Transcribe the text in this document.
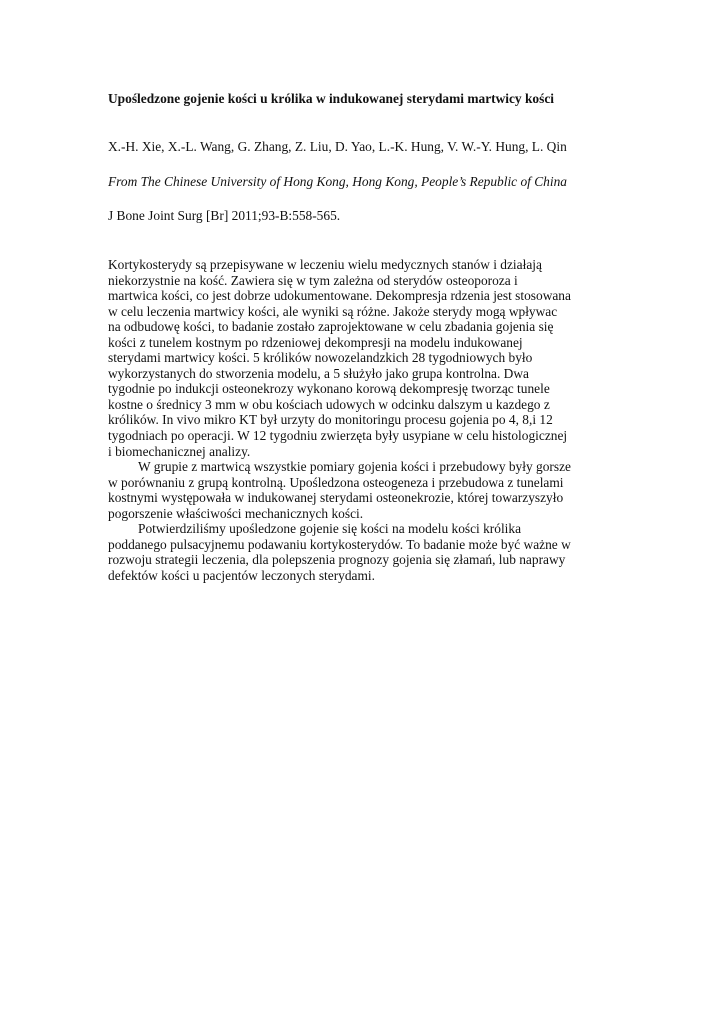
Upośledzone gojenie kości u królika w indukowanej sterydami martwicy kości
X.-H. Xie, X.-L. Wang, G. Zhang, Z. Liu, D. Yao, L.-K. Hung, V. W.-Y. Hung, L. Qin
From The Chinese University of Hong Kong, Hong Kong, People’s Republic of China
J Bone Joint Surg [Br] 2011;93-B:558-565.
Kortykosterydy są przepisywane w leczeniu wielu medycznych stanów i działają
niekorzystnie na kość. Zawiera się w tym zależna od sterydów osteoporoza i
martwica kości, co jest dobrze udokumentowane. Dekompresja rdzenia jest stosowana
w celu leczenia martwicy kości, ale wyniki są różne. Jakoże sterydy mogą wpływac
na odbudowę kości, to badanie zostało zaprojektowane w celu zbadania gojenia się
kości z tunelem kostnym po rdzeniowej dekompresji na modelu indukowanej
sterydami martwicy kości. 5 królików nowozelandzkich 28 tygodniowych było
wykorzystanych do stworzenia modelu, a 5 służyło jako grupa kontrolna. Dwa
tygodnie po indukcji osteonekrozy wykonano korową dekompresję tworząc tunele
kostne o średnicy 3 mm w obu kościach udowych w odcinku dalszym u kazdego z
królików. In vivo mikro KT był urzyty do monitoringu procesu gojenia po 4, 8,i 12
tygodniach po operacji. W 12 tygodniu zwierzęta były usypiane w celu histologicznej
i biomechanicznej analizy.
W grupie z martwicą wszystkie pomiary gojenia kości i przebudowy były gorsze
w porównaniu z grupą kontrolną. Upośledzona osteogeneza i przebudowa z tunelami
kostnymi występowała w indukowanej sterydami osteonekrozie, której towarzyszyło
pogorszenie właściwości mechanicznych kości.
Potwierdziliśmy upośledzone gojenie się kości na modelu kości królika
poddanego pulsacyjnemu podawaniu kortykosterydów. To badanie może być ważne w
rozwoju strategii leczenia, dla polepszenia prognozy gojenia się złamań, lub naprawy
defektów kości u pacjentów leczonych sterydami.
